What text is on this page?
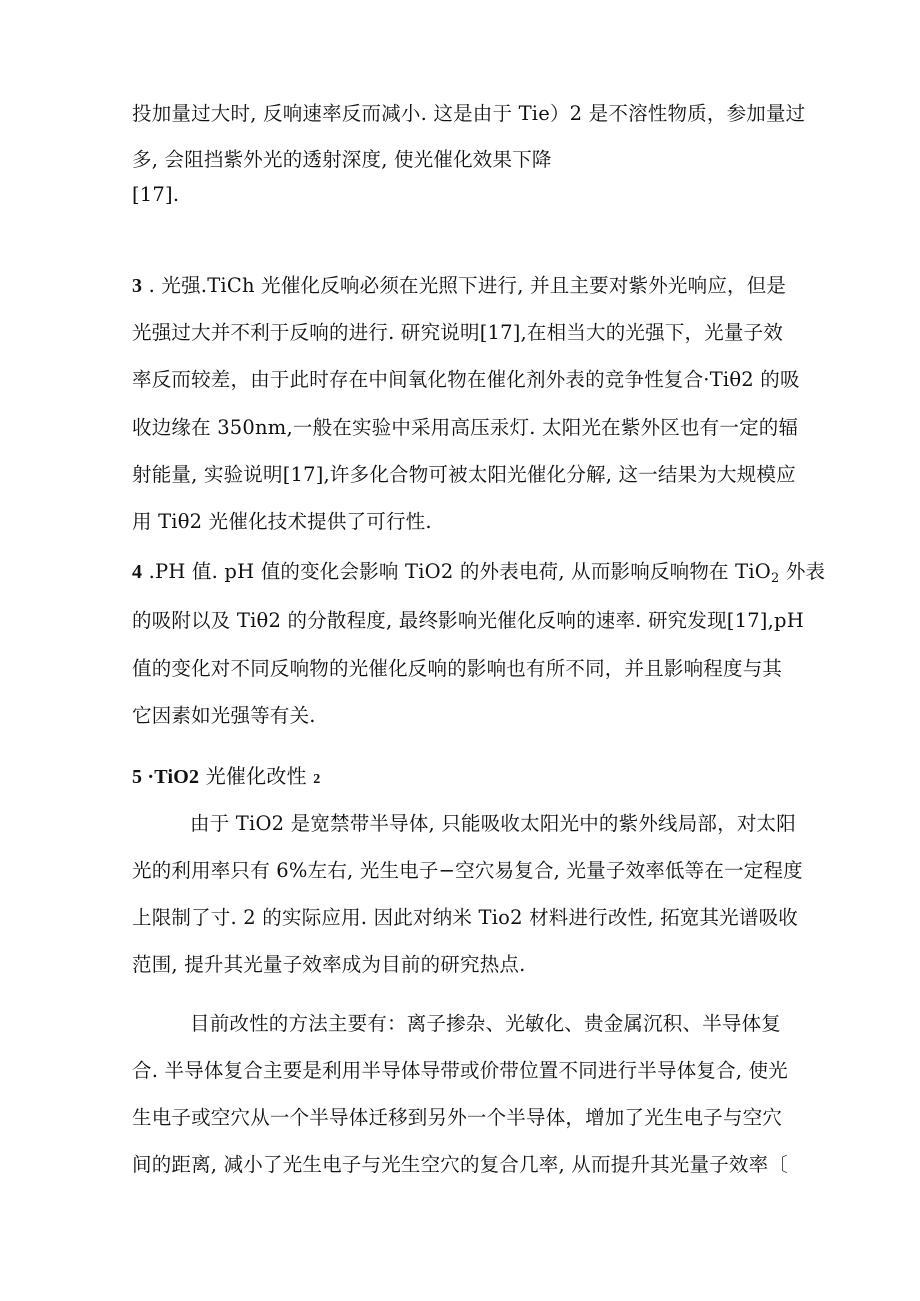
投加量过大时, 反响速率反而减小. 这是由于 Tie）2 是不溶性物质，参加量过
多, 会阻挡紫外光的透射深度, 使光催化效果下降
[17].
3 . 光强.TiCh 光催化反响必须在光照下进行, 并且主要对紫外光响应，但是
光强过大并不利于反响的进行. 研究说明[17],在相当大的光强下，光量子效
率反而较差，由于此时存在中间氧化物在催化剂外表的竞争性复合·Tiθ2 的吸
收边缘在 350nm,一般在实验中采用高压汞灯. 太阳光在紫外区也有一定的辐
射能量, 实验说明[17],许多化合物可被太阳光催化分解, 这一结果为大规模应
用 Tiθ2 光催化技术提供了可行性.
4 .PH 值. pH 值的变化会影响 TiO2 的外表电荷, 从而影响反响物在 TiO$_2$ 外表
的吸附以及 Tiθ2 的分散程度, 最终影响光催化反响的速率. 研究发现[17],pH
值的变化对不同反响物的光催化反响的影响也有所不同，并且影响程度与其
它因素如光强等有关.
5 ·TiO2 光催化改性 2
由于 TiO2 是宽禁带半导体, 只能吸收太阳光中的紫外线局部，对太阳
光的利用率只有 6%左右, 光生电子−空穴易复合, 光量子效率低等在一定程度
上限制了寸. 2 的实际应用. 因此对纳米 Tio2 材料进行改性, 拓宽其光谱吸收
范围, 提升其光量子效率成为目前的研究热点.
目前改性的方法主要有：离子掺杂、光敏化、贵金属沉积、半导体复
合. 半导体复合主要是利用半导体导带或价带位置不同进行半导体复合, 使光
生电子或空穴从一个半导体迁移到另外一个半导体，增加了光生电子与空穴
间的距离, 减小了光生电子与光生空穴的复合几率, 从而提升其光量子效率〔
